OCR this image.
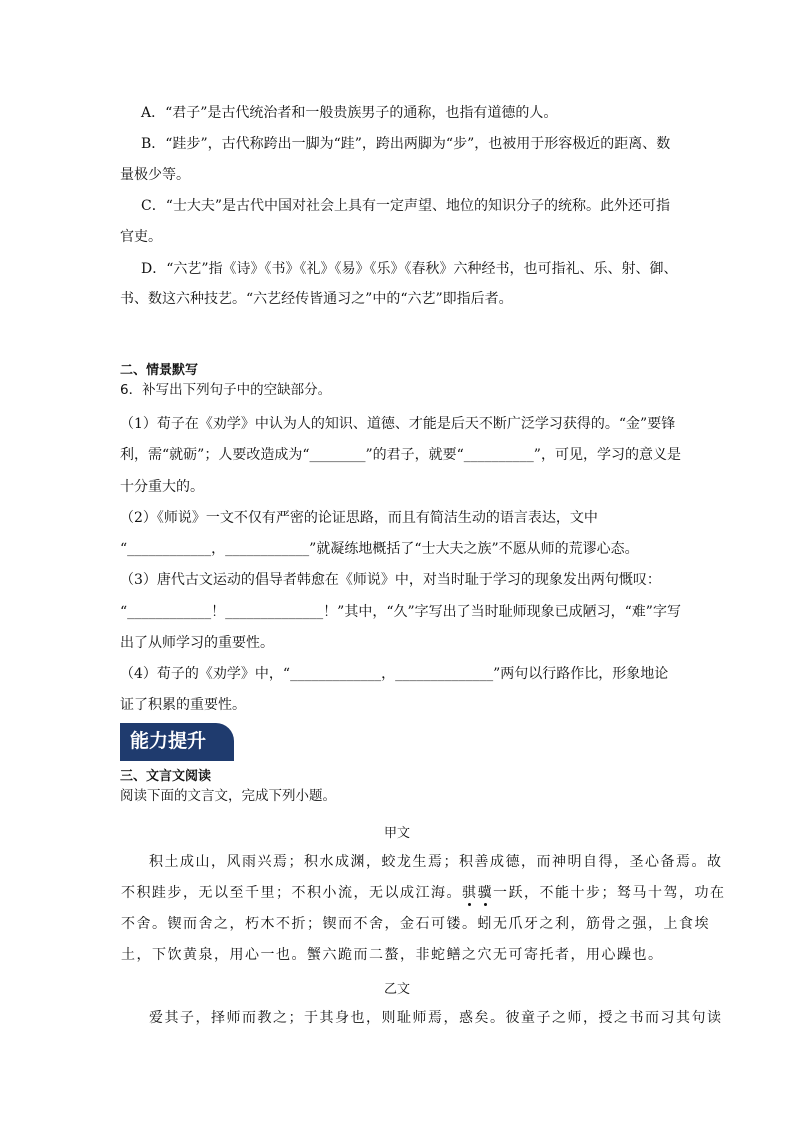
A．“君子”是古代统治者和一般贵族男子的通称，也指有道德的人。
B．“跬步”，古代称跨出一脚为“跬”，跨出两脚为“步”，也被用于形容极近的距离、数
量极少等。
C．“士大夫”是古代中国对社会上具有一定声望、地位的知识分子的统称。此外还可指
官吏。
D．“六艺”指《诗》《书》《礼》《易》《乐》《春秋》六种经书，也可指礼、乐、射、御、
书、数这六种技艺。“六艺经传皆通习之”中的“六艺”即指后者。
二、情景默写
6．补写出下列句子中的空缺部分。
（1）荀子在《劝学》中认为人的知识、道德、才能是后天不断广泛学习获得的。“金”要锋
利，需“就砺”；人要改造成为“________”的君子，就要“__________”，可见，学习的意义是
十分重大的。
（2）《师说》一文不仅有严密的论证思路，而且有简洁生动的语言表达，文中
“____________，____________”就凝练地概括了“士大夫之族”不愿从师的荒谬心态。
（3）唐代古文运动的倡导者韩愈在《师说》中，对当时耻于学习的现象发出两句慨叹：
“____________！______________！”其中，“久”字写出了当时耻师现象已成陋习，“难”字写
出了从师学习的重要性。
（4）荀子的《劝学》中，“_____________，______________”两句以行路作比，形象地论
证了积累的重要性。
能力提升
三、文言文阅读
阅读下面的文言文，完成下列小题。
甲文
积土成山，风雨兴焉；积水成渊，蛟龙生焉；积善成德，而神明自得，圣心备焉。故
不积跬步，无以至千里；不积小流，无以成江海。骐骥一跃，不能十步；驽马十驾，功在
不舍。锲而舍之，朽木不折；锲而不舍，金石可镂。蚓无爪牙之利，筋骨之强，上食埃
土，下饮黄泉，用心一也。蟹六跪而二螯，非蛇鳝之穴无可寄托者，用心躁也。
乙文
爱其子，择师而教之；于其身也，则耻师焉，惑矣。彼童子之师，授之书而习其句读
